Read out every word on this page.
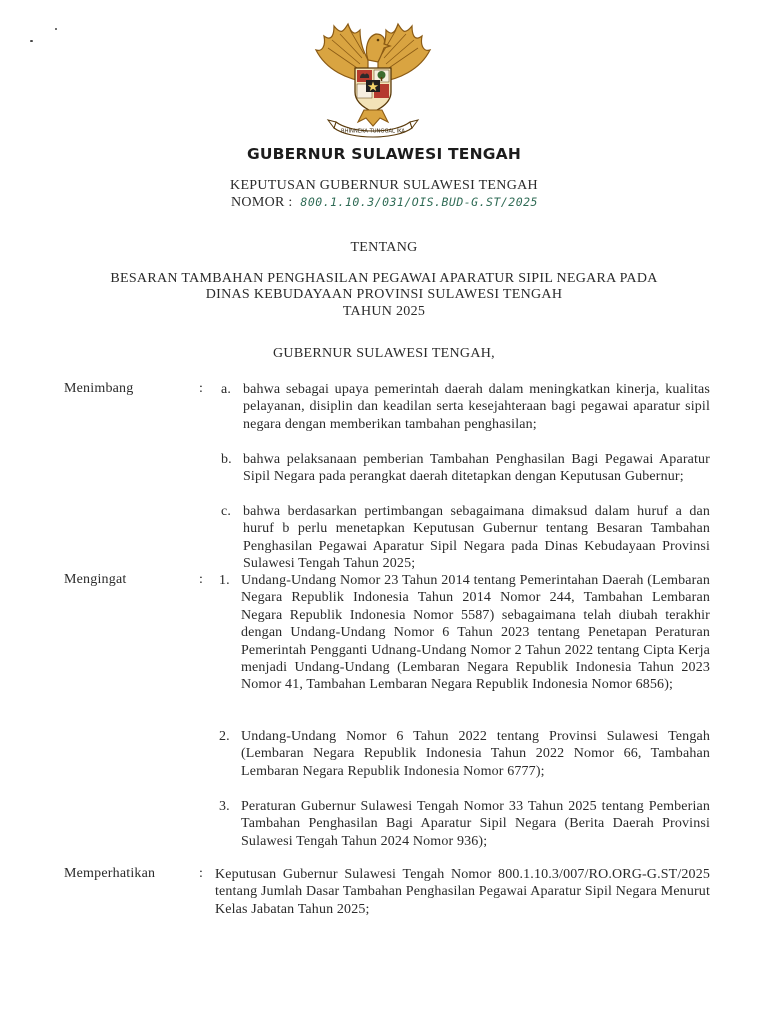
BHINNEKA TUNGGAL IKA
GUBERNUR SULAWESI TENGAH
KEPUTUSAN GUBERNUR SULAWESI TENGAH
NOMOR : 800.1.10.3/031/OIS.BUD-G.ST/2025
TENTANG
BESARAN TAMBAHAN PENGHASILAN PEGAWAI APARATUR SIPIL NEGARA PADA
DINAS KEBUDAYAAN PROVINSI SULAWESI TENGAH
TAHUN 2025
GUBERNUR SULAWESI TENGAH,
Menimbang	: a. bahwa sebagai upaya pemerintah daerah dalam meningkatkan kinerja, kualitas pelayanan, disiplin dan keadilan serta kesejahteraan bagi pegawai aparatur sipil negara dengan memberikan tambahan penghasilan;
b. bahwa pelaksanaan pemberian Tambahan Penghasilan Bagi Pegawai Aparatur Sipil Negara pada perangkat daerah ditetapkan dengan Keputusan Gubernur;
c. bahwa berdasarkan pertimbangan sebagaimana dimaksud dalam huruf a dan huruf b perlu menetapkan Keputusan Gubernur tentang Besaran Tambahan Penghasilan Pegawai Aparatur Sipil Negara pada Dinas Kebudayaan Provinsi Sulawesi Tengah Tahun 2025;
Mengingat	: 1. Undang-Undang Nomor 23 Tahun 2014 tentang Pemerintahan Daerah (Lembaran Negara Republik Indonesia Tahun 2014 Nomor 244, Tambahan Lembaran Negara Republik Indonesia Nomor 5587) sebagaimana telah diubah terakhir dengan Undang-Undang Nomor 6 Tahun 2023 tentang Penetapan Peraturan Pemerintah Pengganti Udnang-Undang Nomor 2 Tahun 2022 tentang Cipta Kerja menjadi Undang-Undang (Lembaran Negara Republik Indonesia Tahun 2023 Nomor 41, Tambahan Lembaran Negara Republik Indonesia Nomor 6856);
2. Undang-Undang Nomor 6 Tahun 2022 tentang Provinsi Sulawesi Tengah (Lembaran Negara Republik Indonesia Tahun 2022 Nomor 66, Tambahan Lembaran Negara Republik Indonesia Nomor 6777);
3. Peraturan Gubernur Sulawesi Tengah Nomor 33 Tahun 2025 tentang Pemberian Tambahan Penghasilan Bagi Aparatur Sipil Negara (Berita Daerah Provinsi Sulawesi Tengah Tahun 2024 Nomor 936);
Memperhatikan	: Keputusan Gubernur Sulawesi Tengah Nomor 800.1.10.3/007/RO.ORG-G.ST/2025 tentang Jumlah Dasar Tambahan Penghasilan Pegawai Aparatur Sipil Negara Menurut Kelas Jabatan Tahun 2025;
